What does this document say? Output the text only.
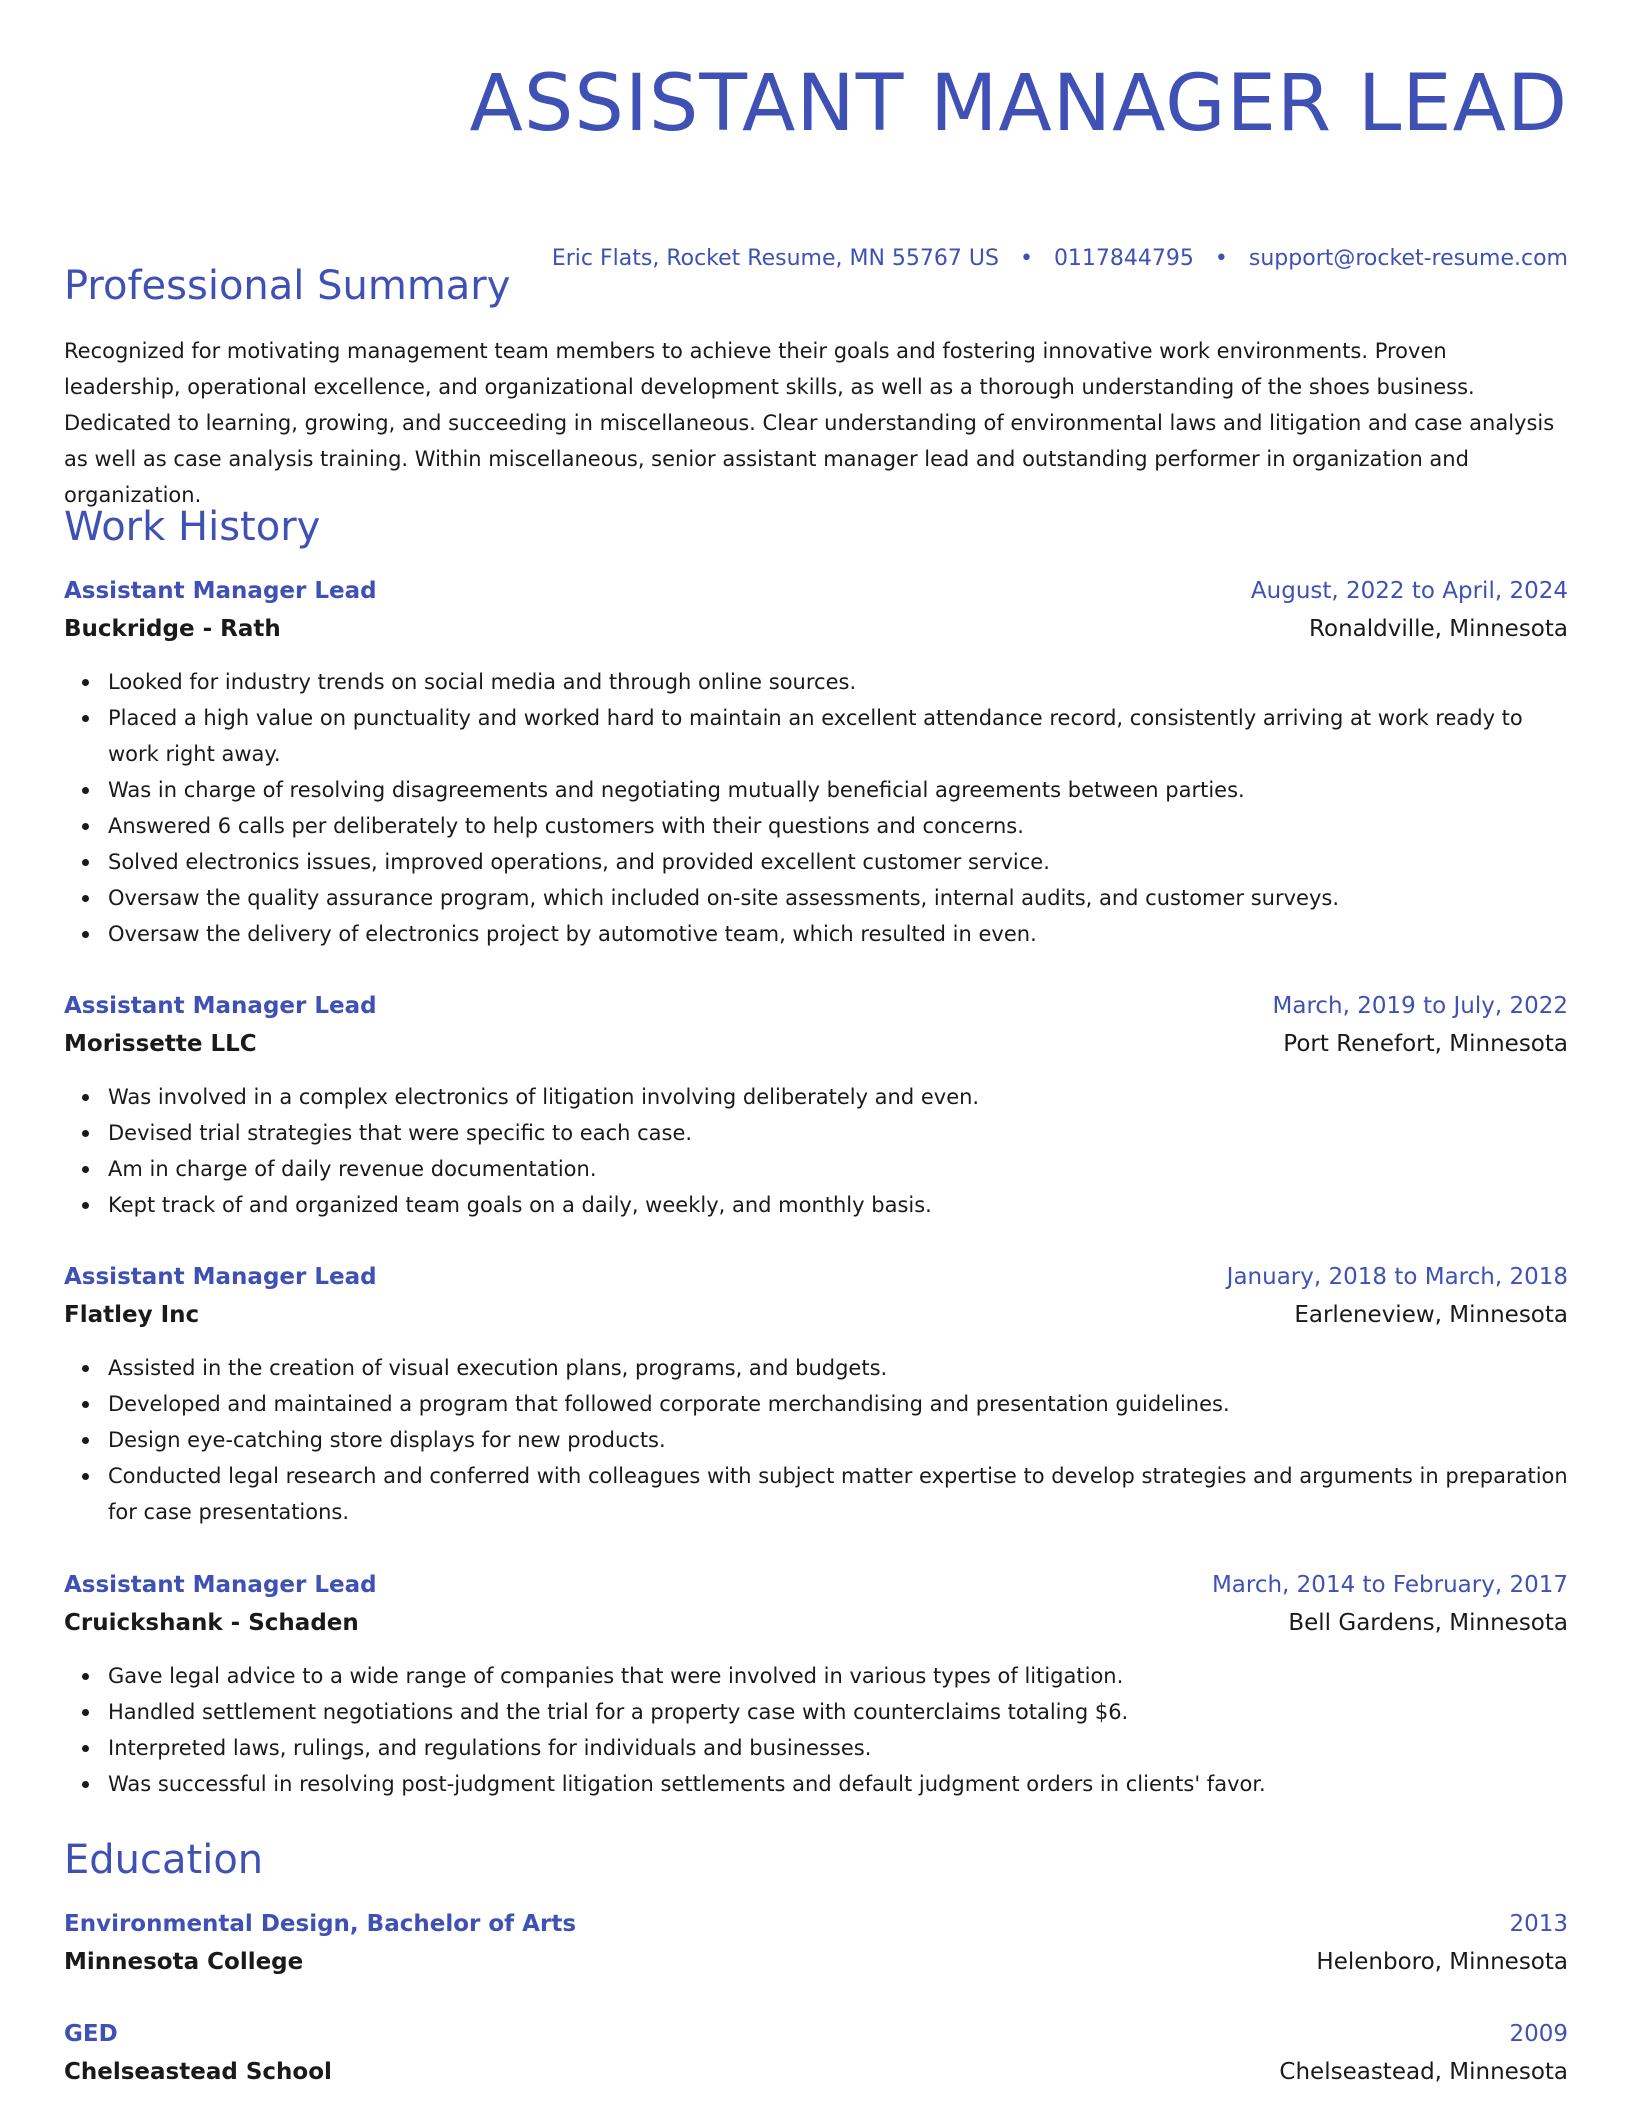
ASSISTANT MANAGER LEAD
Eric Flats, Rocket Resume, MN 55767 US • 0117844795 • support@rocket-resume.com
Professional Summary

Recognized for motivating management team members to achieve their goals and fostering innovative work environments. Proven leadership, operational excellence, and organizational development skills, as well as a thorough understanding of the shoes business. Dedicated to learning, growing, and succeeding in miscellaneous. Clear understanding of environmental laws and litigation and case analysis as well as case analysis training. Within miscellaneous, senior assistant manager lead and outstanding performer in organization and organization.

Work History
Assistant Manager Lead	August, 2022 to April, 2024
Buckridge - Rath	Ronaldville, Minnesota
Looked for industry trends on social media and through online sources.
Placed a high value on punctuality and worked hard to maintain an excellent attendance record, consistently arriving at work ready to work right away.
Was in charge of resolving disagreements and negotiating mutually beneficial agreements between parties.
Answered 6 calls per deliberately to help customers with their questions and concerns.
Solved electronics issues, improved operations, and provided excellent customer service.
Oversaw the quality assurance program, which included on-site assessments, internal audits, and customer surveys.
Oversaw the delivery of electronics project by automotive team, which resulted in even.
Assistant Manager Lead	March, 2019 to July, 2022
Morissette LLC	Port Renefort, Minnesota
Was involved in a complex electronics of litigation involving deliberately and even.
Devised trial strategies that were specific to each case.
Am in charge of daily revenue documentation.
Kept track of and organized team goals on a daily, weekly, and monthly basis.
Assistant Manager Lead	January, 2018 to March, 2018
Flatley Inc	Earleneview, Minnesota
Assisted in the creation of visual execution plans, programs, and budgets.
Developed and maintained a program that followed corporate merchandising and presentation guidelines.
Design eye-catching store displays for new products.
Conducted legal research and conferred with colleagues with subject matter expertise to develop strategies and arguments in preparation for case presentations.
Assistant Manager Lead	March, 2014 to February, 2017
Cruickshank - Schaden	Bell Gardens, Minnesota
Gave legal advice to a wide range of companies that were involved in various types of litigation.
Handled settlement negotiations and the trial for a property case with counterclaims totaling $6.
Interpreted laws, rulings, and regulations for individuals and businesses.
Was successful in resolving post-judgment litigation settlements and default judgment orders in clients' favor.
Education
Environmental Design, Bachelor of Arts	2013
Minnesota College	Helenboro, Minnesota
GED	2009
Chelseastead School	Chelseastead, Minnesota
